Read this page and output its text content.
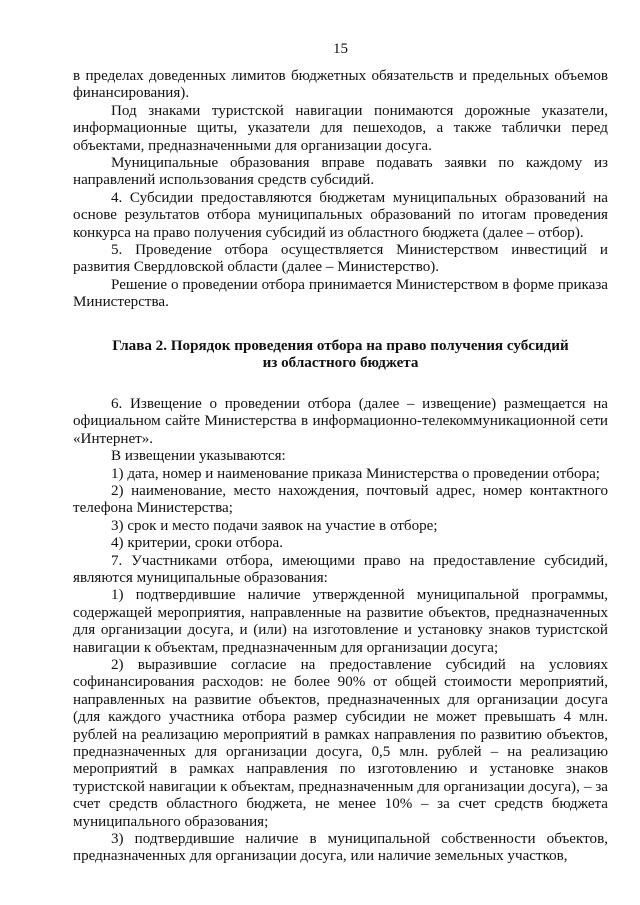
15

в пределах доведенных лимитов бюджетных обязательств и предельных объемов финансирования).

Под знаками туристской навигации понимаются дорожные указатели, информационные щиты, указатели для пешеходов, а также таблички перед объектами, предназначенными для организации досуга.

Муниципальные образования вправе подавать заявки по каждому из направлений использования средств субсидий.

4. Субсидии предоставляются бюджетам муниципальных образований на основе результатов отбора муниципальных образований по итогам проведения конкурса на право получения субсидий из областного бюджета (далее – отбор).

5. Проведение отбора осуществляется Министерством инвестиций и развития Свердловской области (далее – Министерство).

Решение о проведении отбора принимается Министерством в форме приказа Министерства.

Глава 2. Порядок проведения отбора на право получения субсидий
из областного бюджета

6. Извещение о проведении отбора (далее – извещение) размещается на официальном сайте Министерства в информационно-телекоммуникационной сети «Интернет».

В извещении указываются:

1) дата, номер и наименование приказа Министерства о проведении отбора;

2) наименование, место нахождения, почтовый адрес, номер контактного телефона Министерства;

3) срок и место подачи заявок на участие в отборе;

4) критерии, сроки отбора.

7. Участниками отбора, имеющими право на предоставление субсидий, являются муниципальные образования:

1) подтвердившие наличие утвержденной муниципальной программы, содержащей мероприятия, направленные на развитие объектов, предназначенных для организации досуга, и (или) на изготовление и установку знаков туристской навигации к объектам, предназначенным для организации досуга;

2) выразившие согласие на предоставление субсидий на условиях софинансирования расходов: не более 90% от общей стоимости мероприятий, направленных на развитие объектов, предназначенных для организации досуга (для каждого участника отбора размер субсидии не может превышать 4 млн. рублей на реализацию мероприятий в рамках направления по развитию объектов, предназначенных для организации досуга, 0,5 млн. рублей – на реализацию мероприятий в рамках направления по изготовлению и установке знаков туристской навигации к объектам, предназначенным для организации досуга), – за счет средств областного бюджета, не менее 10% – за счет средств бюджета муниципального образования;

3) подтвердившие наличие в муниципальной собственности объектов, предназначенных для организации досуга, или наличие земельных участков,
